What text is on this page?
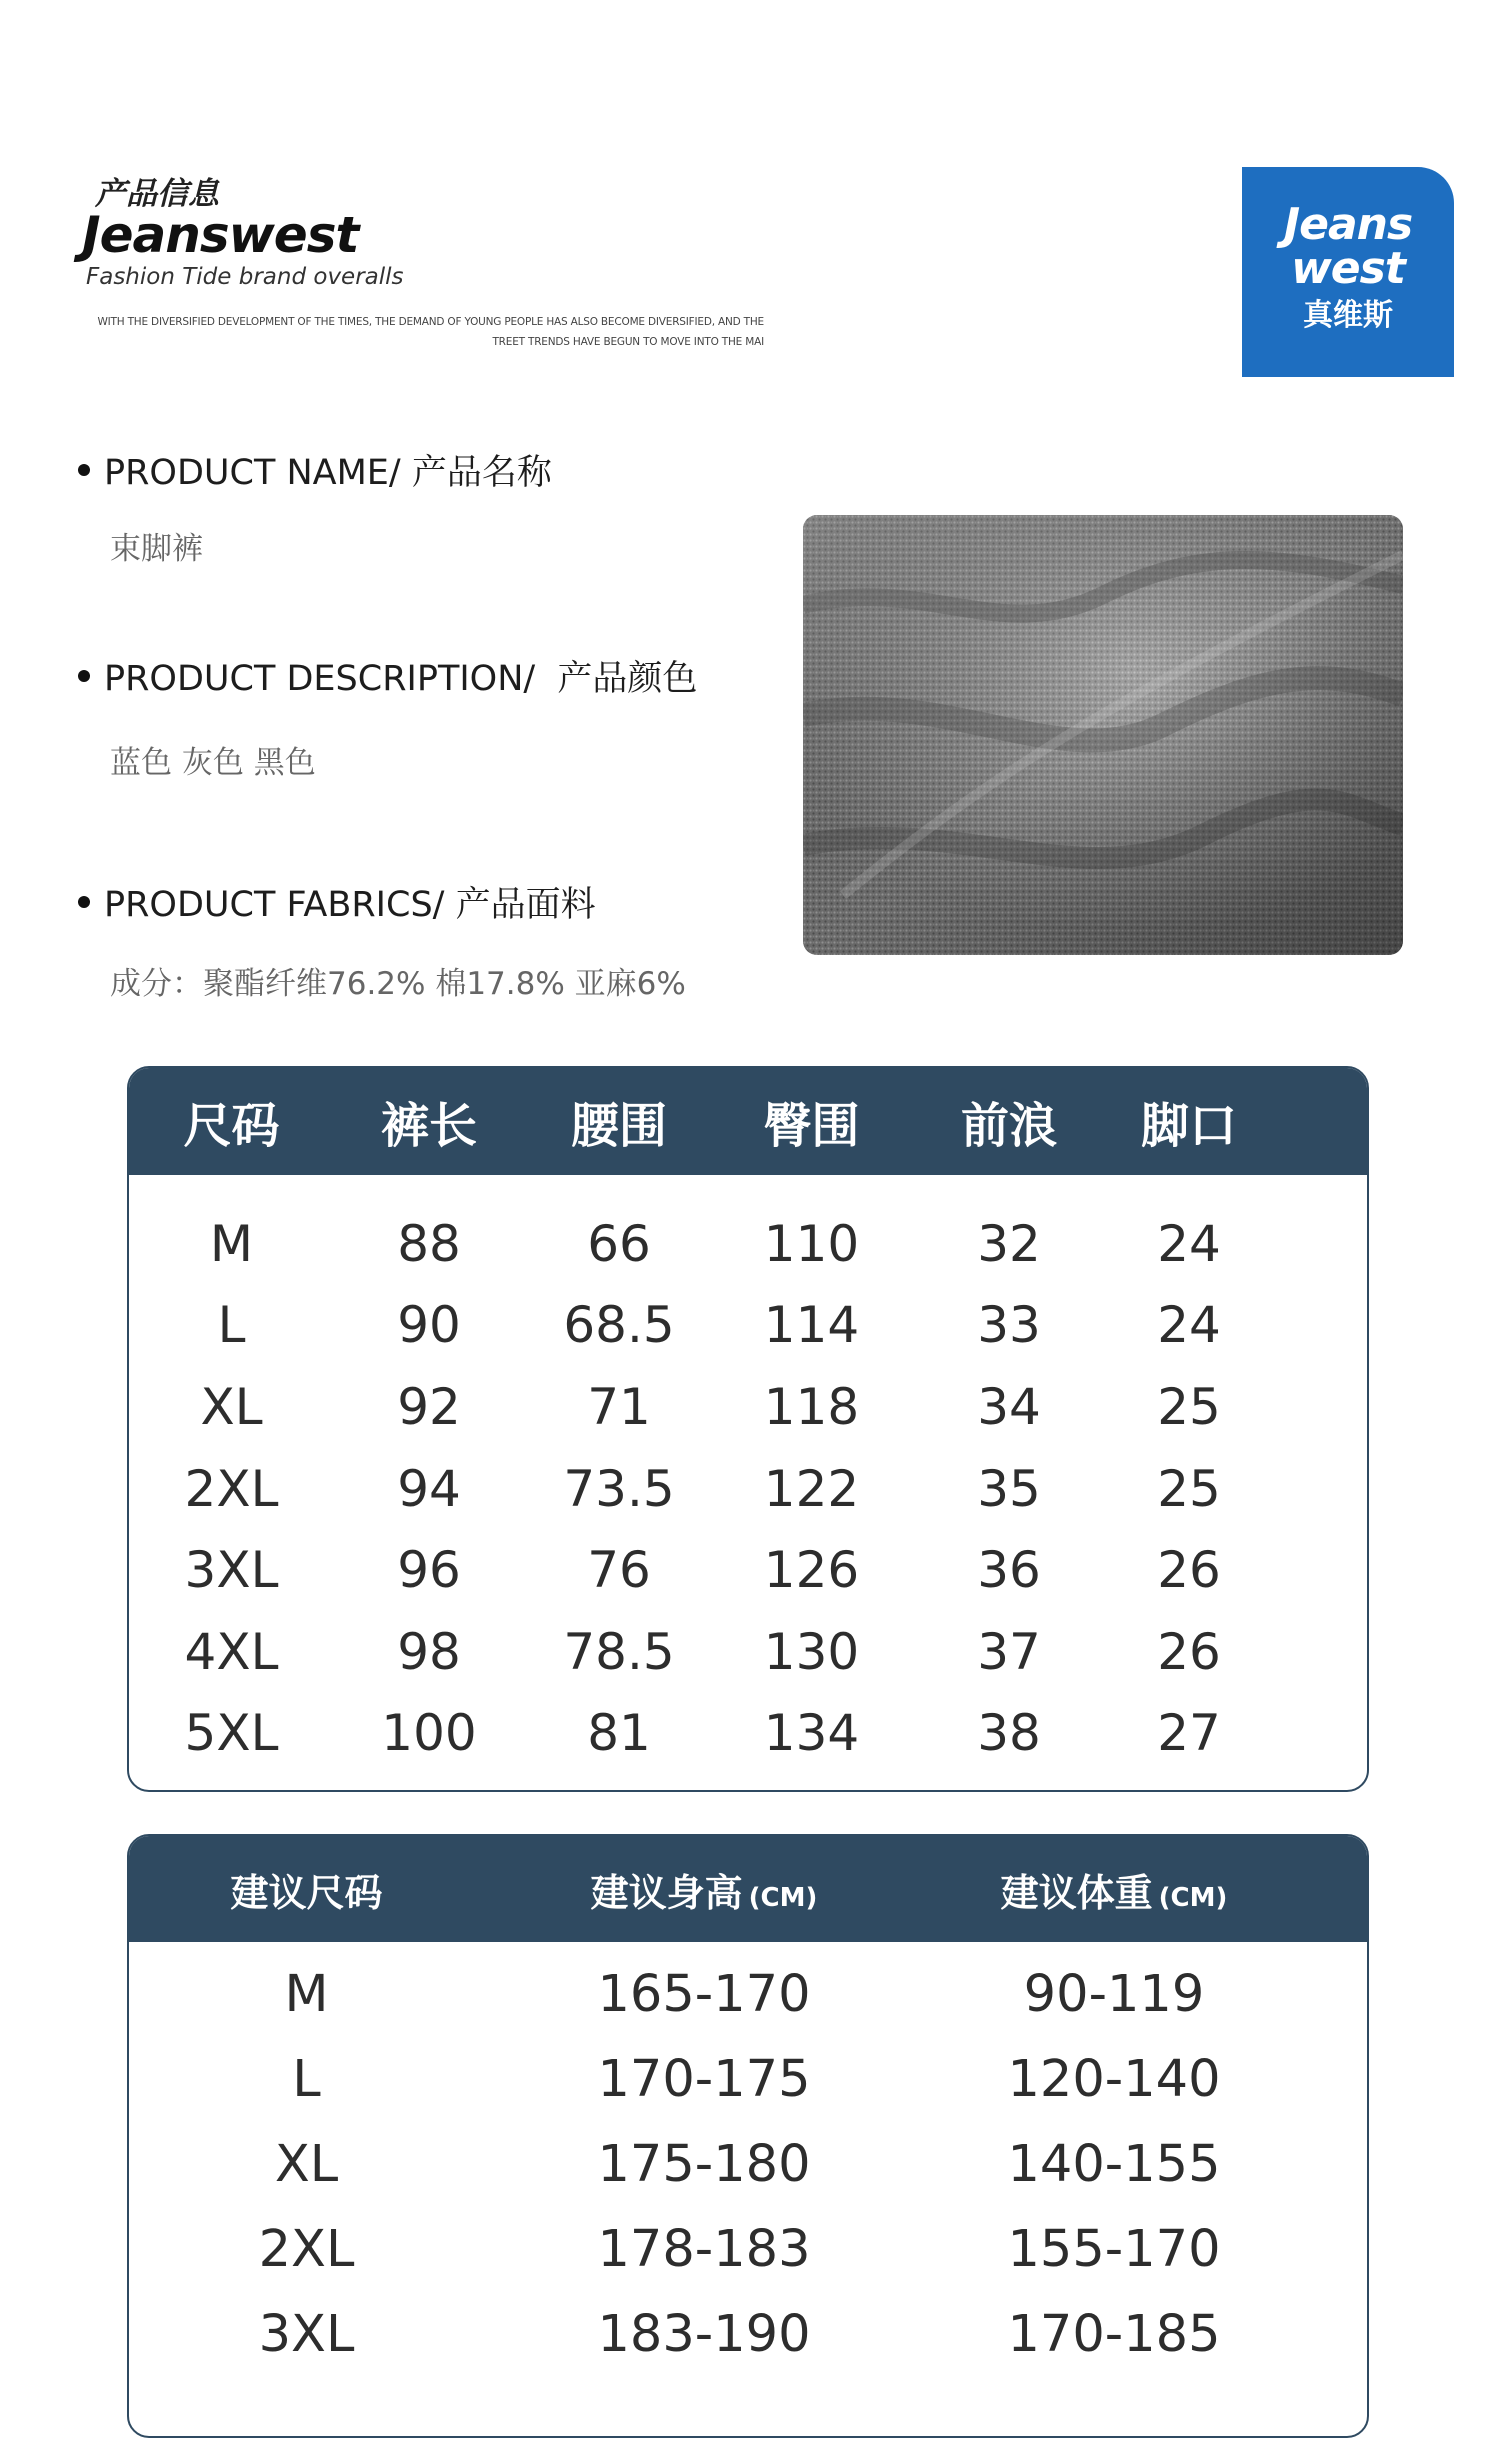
产品信息
Jeanswest
Fashion Tide brand overalls
WITH THE DIVERSIFIED DEVELOPMENT OF THE TIMES, THE DEMAND OF YOUNG PEOPLE HAS ALSO BECOME DIVERSIFIED, AND THE TREET TRENDS HAVE BEGUN TO MOVE INTO THE MAI
Jeans
west
真维斯
PRODUCT NAME/ 产品名称
束脚裤
PRODUCT DESCRIPTION/  产品颜色
蓝色 灰色 黑色
PRODUCT FABRICS/ 产品面料
成分：聚酯纤维76.2% 棉17.8% 亚麻6%
尺码	裤长	腰围	臀围	前浪	脚口
M	88	66	110	32	24
L	90	68.5	114	33	24
XL	92	71	118	34	25
2XL	94	73.5	122	35	25
3XL	96	76	126	36	26
4XL	98	78.5	130	37	26
5XL	100	81	134	38	27
建议尺码	建议身高 (CM)	建议体重 (CM)
M	165-170	90-119
L	170-175	120-140
XL	175-180	140-155
2XL	178-183	155-170
3XL	183-190	170-185
